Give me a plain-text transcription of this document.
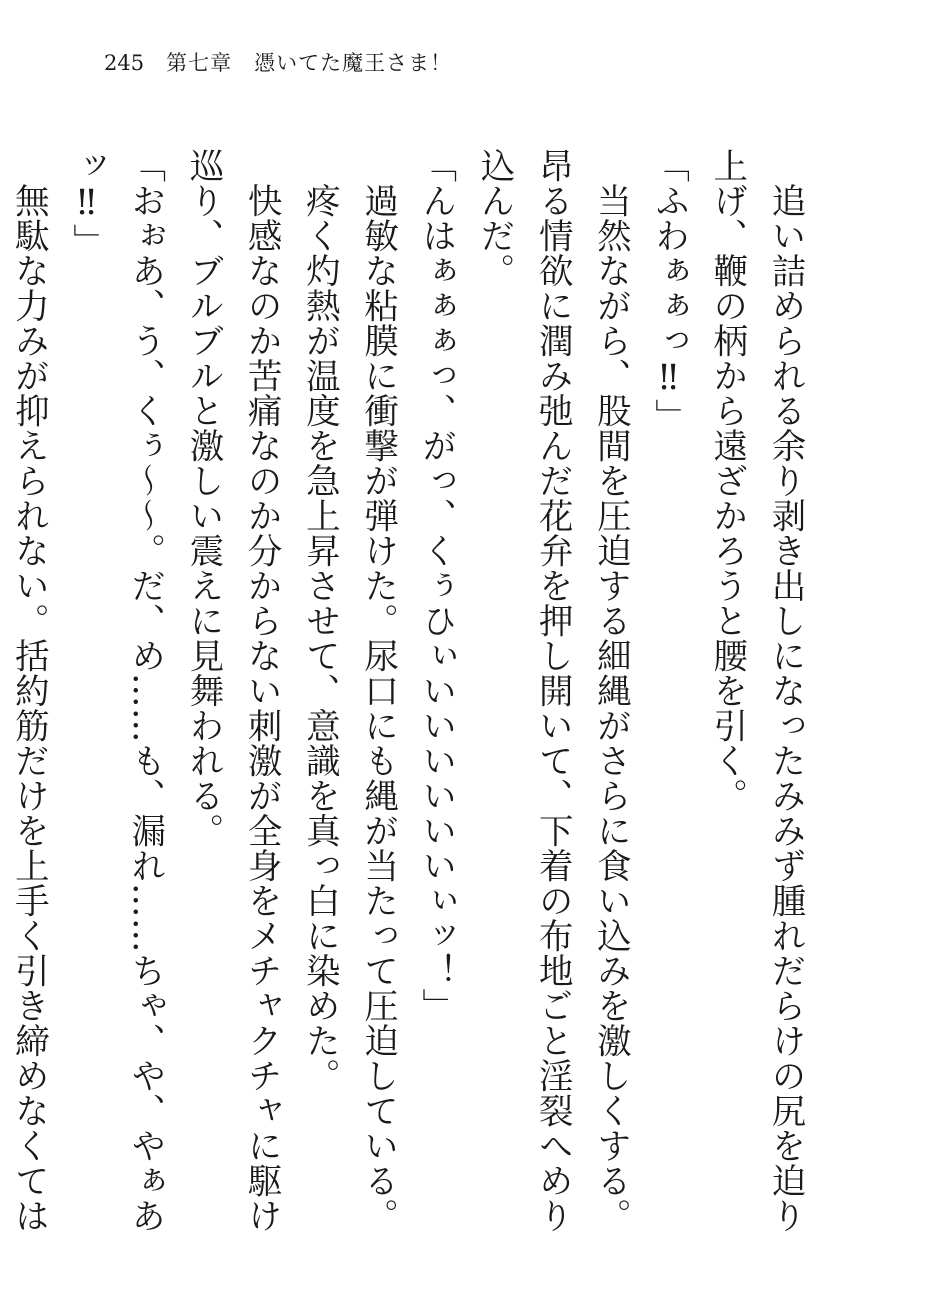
245 第七章　憑いてた魔王さま！

追い詰められる余り剥き出しになったみみず腫れだらけの尻を迫り上げ、鞭の柄から遠ざかろうと腰を引く。

「ふわぁぁっ‼」

当然ながら、股間を圧迫する細縄がさらに食い込みを激しくする。昂る情欲に潤み弛んだ花弁を押し開いて、下着の布地ごと淫裂へめり込んだ。

「んはぁぁぁっ、がっ、くぅひぃいいいいいいぃッ！」

過敏な粘膜に衝撃が弾けた。尿口にも縄が当たって圧迫している。

疼く灼熱が温度を急上昇させて、意識を真っ白に染めた。

快感なのか苦痛なのか分からない刺激が全身をメチャクチャに駆け巡り、ブルブルと激しい震えに見舞われる。

「おぉあ、う、くぅ〜〜。だ、め……も、漏れ……ちゃ、や、やぁあッ‼」

無駄な力みが抑えられない。括約筋だけを上手く引き締めなくては
